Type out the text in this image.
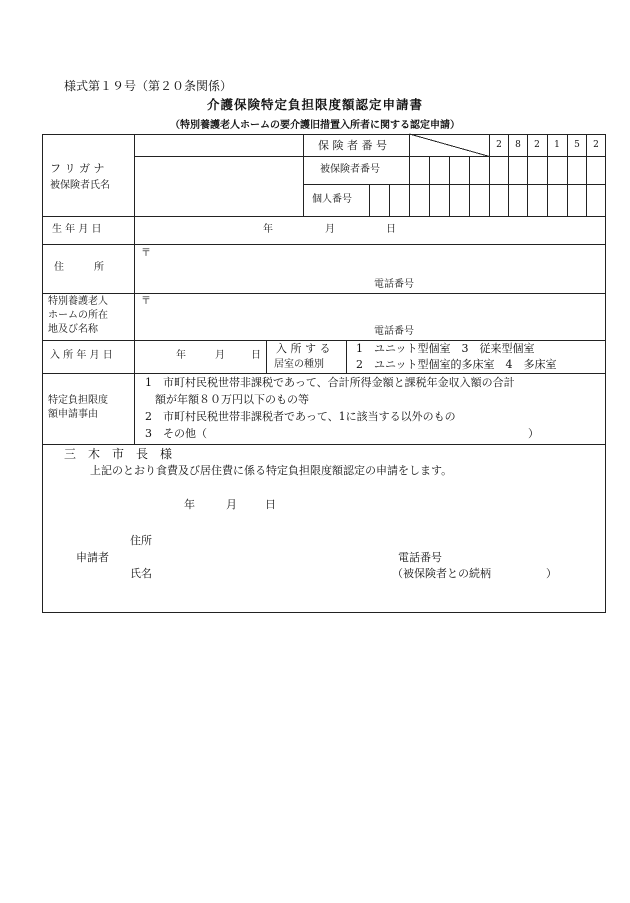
様式第１９号（第２０条関係）
介護保険特定負担限度額認定申請書
（特別養護老人ホームの要介護旧措置入所者に関する認定申請）
フ リ ガ ナ
被保険者氏名
保 険 者 番 号	2	8	2	1	5	2
被保険者番号
個人番号
生 年 月 日	年	月	日
住　　　所
〒
電話番号
特別養護老人
ホームの所在
地及び名称
〒
電話番号
入 所 年 月 日	年	月	日
入 所 す る
居室の種別
1　ユニット型個室　3　従来型個室
2　ユニット型個室的多床室　4　多床室
特定負担限度
額申請事由
1　市町村民税世帯非課税であって、合計所得金額と課税年金収入額の合計
額が年額８０万円以下のもの等
2　市町村民税世帯非課税者であって、1に該当する以外のもの
3　その他（	）
三　木　市　長　様
上記のとおり食費及び居住費に係る特定負担限度額認定の申請をします。
年	月	日
住所
申請者
氏名
電話番号
（被保険者との続柄　　　　　）
